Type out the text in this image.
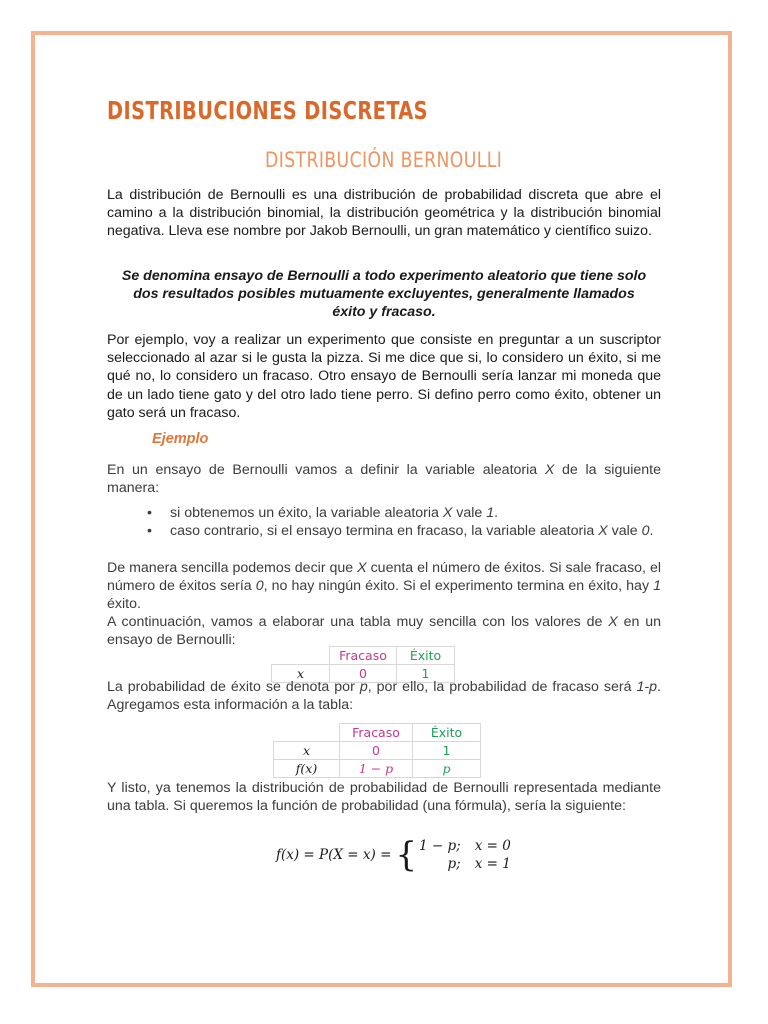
DISTRIBUCIONES DISCRETAS
DISTRIBUCIÓN BERNOULLI

La distribución de Bernoulli es una distribución de probabilidad discreta que abre el camino a la distribución binomial, la distribución geométrica y la distribución binomial negativa. Lleva ese nombre por Jakob Bernoulli, un gran matemático y científico suizo.

Se denomina ensayo de Bernoulli a todo experimento aleatorio que tiene solo dos resultados posibles mutuamente excluyentes, generalmente llamados éxito y fracaso.

Por ejemplo, voy a realizar un experimento que consiste en preguntar a un suscriptor seleccionado al azar si le gusta la pizza. Si me dice que si, lo considero un éxito, si me qué no, lo considero un fracaso. Otro ensayo de Bernoulli sería lanzar mi moneda que de un lado tiene gato y del otro lado tiene perro. Si defino perro como éxito, obtener un gato será un fracaso.

Ejemplo

En un ensayo de Bernoulli vamos a definir la variable aleatoria X de la siguiente manera:

• si obtenemos un éxito, la variable aleatoria X vale 1.
• caso contrario, si el ensayo termina en fracaso, la variable aleatoria X vale 0.

De manera sencilla podemos decir que X cuenta el número de éxitos. Si sale fracaso, el número de éxitos sería 0, no hay ningún éxito. Si el experimento termina en éxito, hay 1 éxito.

A continuación, vamos a elaborar una tabla muy sencilla con los valores de X en un ensayo de Bernoulli:

	Fracaso	Éxito
x	0	1

La probabilidad de éxito se denota por p, por ello, la probabilidad de fracaso será 1-p. Agregamos esta información a la tabla:

	Fracaso	Éxito
x	0	1
f(x)	1 − p	p

Y listo, ya tenemos la distribución de probabilidad de Bernoulli representada mediante una tabla. Si queremos la función de probabilidad (una fórmula), sería la siguiente:

f(x) = P(X = x) = { 1 − p; x = 0
p; x = 1
